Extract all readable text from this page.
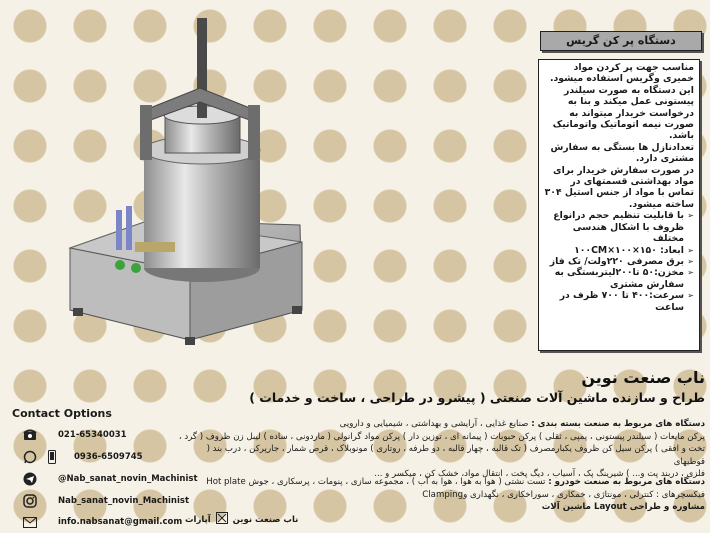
دستگاه پر کن گریس

مناسب جهت پر کردن مواد خمیری وگریس استفاده میشود.

این دستگاه به صورت سیلندر پیستونی عمل میکند و بنا به درخواست خریدار میتواند به صورت نیمه اتوماتیک واتوماتیک باشد.

تعدادنازل ها بستگی به سفارش مشتری دارد.

در صورت سفارش خریدار برای مواد بهداشتی قسمتهای در تماس با مواد از جنس استیل ۳۰۴ ساخته میشود.

➢ با قابلیت تنظیم حجم درانواع ظروف با اشکال هندسی مختلف
➢ ابعاد: ۱۵۰×۱۰۰×۱۰۰CM
➢ برق مصرفی ۲۲۰ولت/ تک فاز
➢ مخزن:۵۰ تا۲۰۰لیتربستگی به سفارش مشتری
➢ سرعت:۴۰۰ تا ۷۰۰ ظرف در ساعت
ناب صنعت نوین
طراح و سازنده ماشین آلات صنعتی ( پیشرو در طراحی ، ساخت و خدمات )
Contact Options
021-65340031
0936-6509745
@Nab_sanat_novin_Machinist
Nab_sanat_novin_Machinist
info.nabsanat@gmail.com
دستگاه های مربوط به صنعت بسته بندی : صنایع غذایی ، آرایشی و بهداشتی ، شیمیایی و دارویی
پرکن مایعات ( سیلندر پیستونی ، پمپی ، ثقلی ) پرکن حبوبات ( پیمانه ای ، توزین دار ) پرکن مواد گرانولی ( ماردونی ، ساده ) لیبل زن ظروف ( گرد ،
تخت و افقی ) پرکن سیل کن ظروف یکبارمصرف ( تک قالبه ، چهار قالبه ، دو طرفه ، روتاری ) مونوبلاک ، قرص شمار ، جارپرکن ، درب بند ( قوطیهای
فلزی ، دربند پت و... ) شیرینگ پک ، آسیاب ، دیگ پخت ، انتقال مواد، خشک کن ، میکسر و ...
دستگاه های مربوط به صنعت خودرو : تست نشتی ( هوا به هوا ، هوا به آب ) ، مجموعه سازی ، پنومات ، پرسکاری ، جوش Hot plate
فیکسچرهای : کنترلی ، مونتاژی ، خمکاری ، سوراخکاری ، نگهداری وClamping
مشاوره و طراحی Layout ماشین آلات
ناب صنعت نوین
آپارات
